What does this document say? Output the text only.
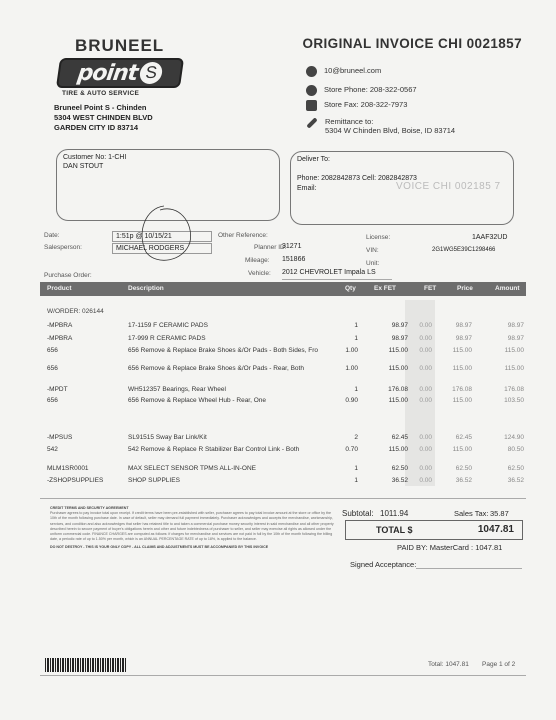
BRUNEEL
point S
TIRE & AUTO SERVICE
Bruneel Point S - Chinden
5304 WEST CHINDEN BLVD
GARDEN CITY ID 83714
ORIGINAL INVOICE CHI 0021857
10@bruneel.com
Store Phone: 208-322-0567
Store Fax: 208-322-7973
Remittance to:
5304 W Chinden Blvd, Boise, ID 83714
Customer No: 1-CHI
DAN STOUT
Deliver To:
Phone: 2082842873 Cell: 2082842873
Email:	VOICE CHI 002185 7
Date:	1:51p @ 10/15/21
Salesperson:	MICHAEL RODGERS
Purchase Order:
Other Reference:
Planner ID:
31271
Mileage: 151866
Vehicle: 2012 CHEVROLET Impala LS
License:	1AAF32UD
VIN:	2G1WG5E39C1298466
Unit:
Product	Description	Qty	Ex FET	FET	Price	Amount
W/ORDER: 026144
-MPBRA	17-1159 F CERAMIC PADS	1	98.97	0.00	98.97	98.97
-MPBRA	17-999 R CERAMIC PADS	1	98.97	0.00	98.97	98.97
656	656 Remove & Replace Brake Shoes &/Or Pads - Both Sides, Fro	1.00	115.00	0.00	115.00	115.00
656	656 Remove & Replace Brake Shoes &/Or Pads - Rear, Both	1.00	115.00	0.00	115.00	115.00
-MPDT	WH512357 Bearings, Rear Wheel	1	176.08	0.00	176.08	176.08
656	656 Remove & Replace Wheel Hub - Rear, One	0.90	115.00	0.00	115.00	103.50
-MPSUS	SL91515 Sway Bar Link/Kit	2	62.45	0.00	62.45	124.90
542	542 Remove & Replace R Stabilizer Bar Control Link - Both	0.70	115.00	0.00	115.00	80.50
MLM1SR0001	MAX SELECT SENSOR TPMS ALL-IN-ONE	1	62.50	0.00	62.50	62.50
-ZSHOPSUPPLIES	SHOP SUPPLIES	1	36.52	0.00	36.52	36.52
CREDIT TERMS AND SECURITY AGREEMENT
Purchaser agrees to pay invoice total upon receipt. If credit terms have been pre-established with seller, purchaser agrees to pay total invoice amount at the store or office by the 10th of the month following purchase date. In case of default, seller may demand full payment immediately. Purchaser acknowledges and accepts the merchandise, workmanship, services, and condition and also acknowledges that seller has retained title to and taken a commercial purchase money security interest in said merchandise and all other property described herein to secure payment of buyer's obligations herein and other and future indebtedness of purchaser to seller, and seller may exercise all rights as allowed under the uniform commercial code. FINANCE CHARGES are computed as follows: if charges for merchandise and services are not paid in full by the 10th of the month following the billing date, a periodic rate of up to 1.50% per month, which is an ANNUAL PERCENTAGE RATE of up to 18%, is applied to the balance.
DO NOT DESTROY - THIS IS YOUR ONLY COPY - ALL CLAIMS AND ADJUSTMENTS MUST BE ACCOMPANIED BY THIS INVOICE
Subtotal: 1011.94	Sales Tax: 35.87
TOTAL $	1047.81
PAID BY: MasterCard : 1047.81
Signed Acceptance:
Total: 1047.81 Page 1 of 2
